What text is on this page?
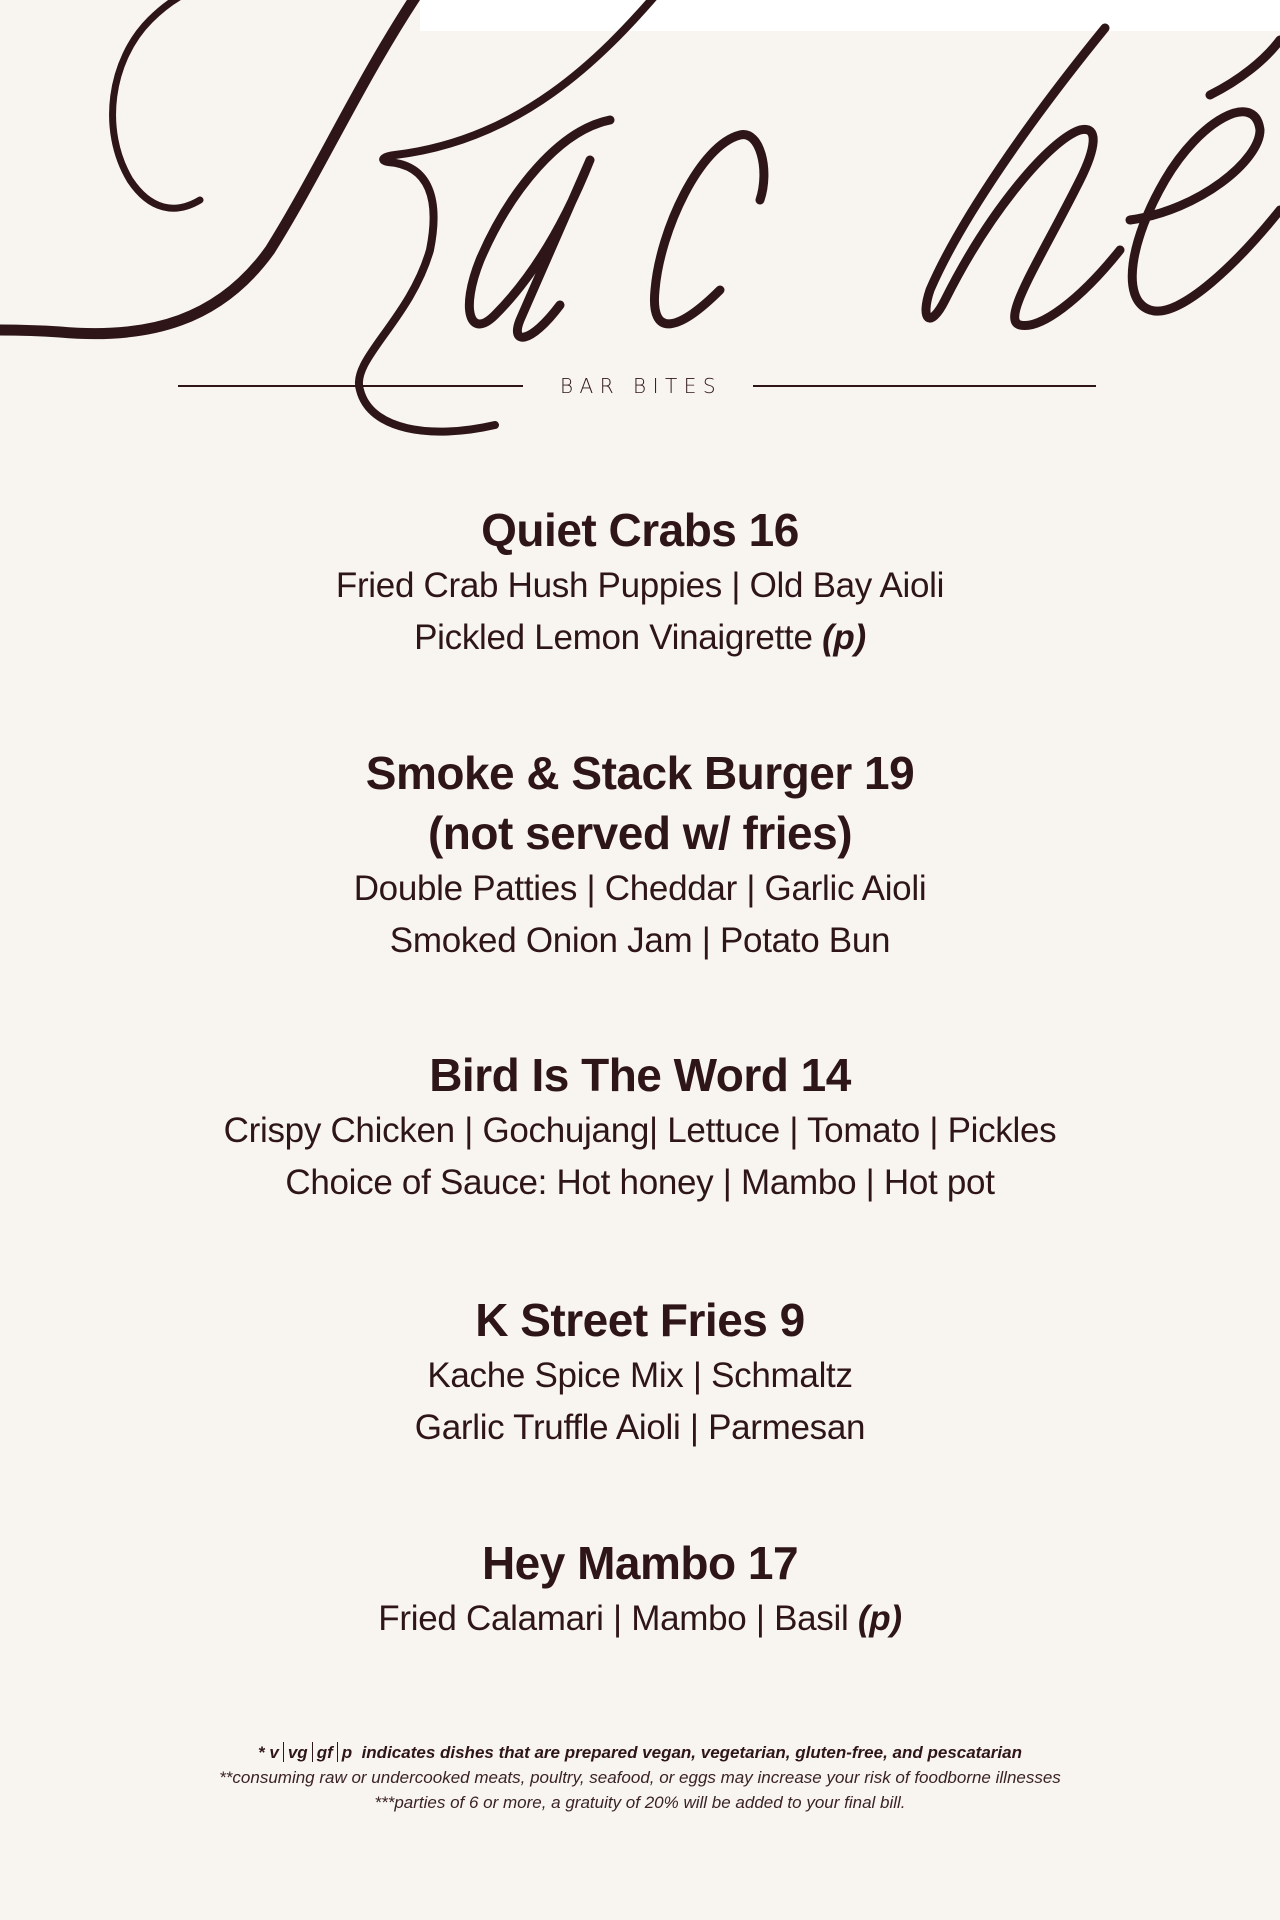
BAR BITES
Quiet Crabs 16
Fried Crab Hush Puppies | Old Bay Aioli
Pickled Lemon Vinaigrette (p)
Smoke & Stack Burger 19
(not served w/ fries)
Double Patties | Cheddar | Garlic Aioli
Smoked Onion Jam | Potato Bun
Bird Is The Word 14
Crispy Chicken | Gochujang| Lettuce | Tomato | Pickles
Choice of Sauce: Hot honey | Mambo | Hot pot
K Street Fries 9
Kache Spice Mix | Schmaltz
Garlic Truffle Aioli | Parmesan
Hey Mambo 17
Fried Calamari | Mambo | Basil (p)
* v vg gf p indicates dishes that are prepared vegan, vegetarian, gluten-free, and pescatarian
**consuming raw or undercooked meats, poultry, seafood, or eggs may increase your risk of foodborne illnesses
***parties of 6 or more, a gratuity of 20% will be added to your final bill.
